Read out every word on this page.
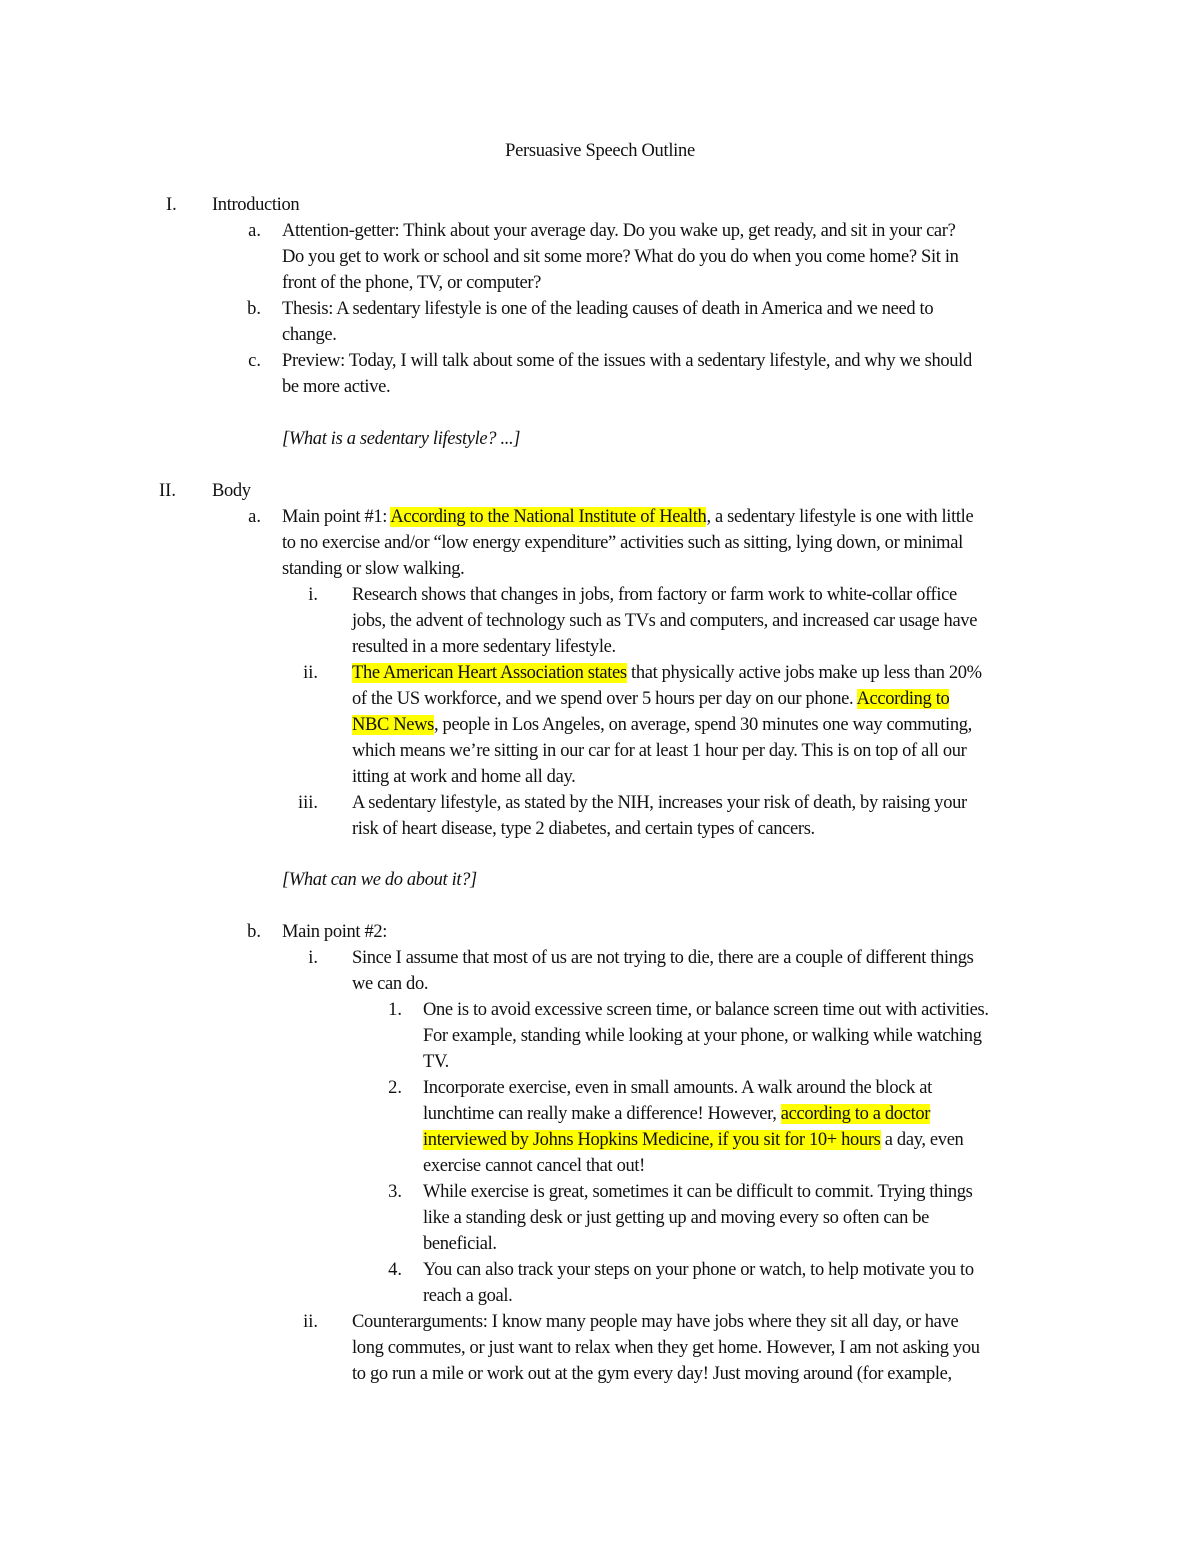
Persuasive Speech Outline
I. Introduction
a. Attention-getter: Think about your average day. Do you wake up, get ready, and sit in your car?
Do you get to work or school and sit some more? What do you do when you come home? Sit in
front of the phone, TV, or computer?
b. Thesis: A sedentary lifestyle is one of the leading causes of death in America and we need to
change.
c. Preview: Today, I will talk about some of the issues with a sedentary lifestyle, and why we should
be more active.
[What is a sedentary lifestyle? ...]
II. Body
a. Main point #1: According to the National Institute of Health, a sedentary lifestyle is one with little
to no exercise and/or “low energy expenditure” activities such as sitting, lying down, or minimal
standing or slow walking.
i. Research shows that changes in jobs, from factory or farm work to white-collar office
jobs, the advent of technology such as TVs and computers, and increased car usage have
resulted in a more sedentary lifestyle.
ii. The American Heart Association states that physically active jobs make up less than 20%
of the US workforce, and we spend over 5 hours per day on our phone. According to
NBC News, people in Los Angeles, on average, spend 30 minutes one way commuting,
which means we’re sitting in our car for at least 1 hour per day. This is on top of all our
itting at work and home all day.
iii. A sedentary lifestyle, as stated by the NIH, increases your risk of death, by raising your
risk of heart disease, type 2 diabetes, and certain types of cancers.
[What can we do about it?]
b. Main point #2:
i. Since I assume that most of us are not trying to die, there are a couple of different things
we can do.
1. One is to avoid excessive screen time, or balance screen time out with activities.
For example, standing while looking at your phone, or walking while watching
TV.
2. Incorporate exercise, even in small amounts. A walk around the block at
lunchtime can really make a difference! However, according to a doctor
interviewed by Johns Hopkins Medicine, if you sit for 10+ hours a day, even
exercise cannot cancel that out!
3. While exercise is great, sometimes it can be difficult to commit. Trying things
like a standing desk or just getting up and moving every so often can be
beneficial.
4. You can also track your steps on your phone or watch, to help motivate you to
reach a goal.
ii. Counterarguments: I know many people may have jobs where they sit all day, or have
long commutes, or just want to relax when they get home. However, I am not asking you
to go run a mile or work out at the gym every day! Just moving around (for example,
